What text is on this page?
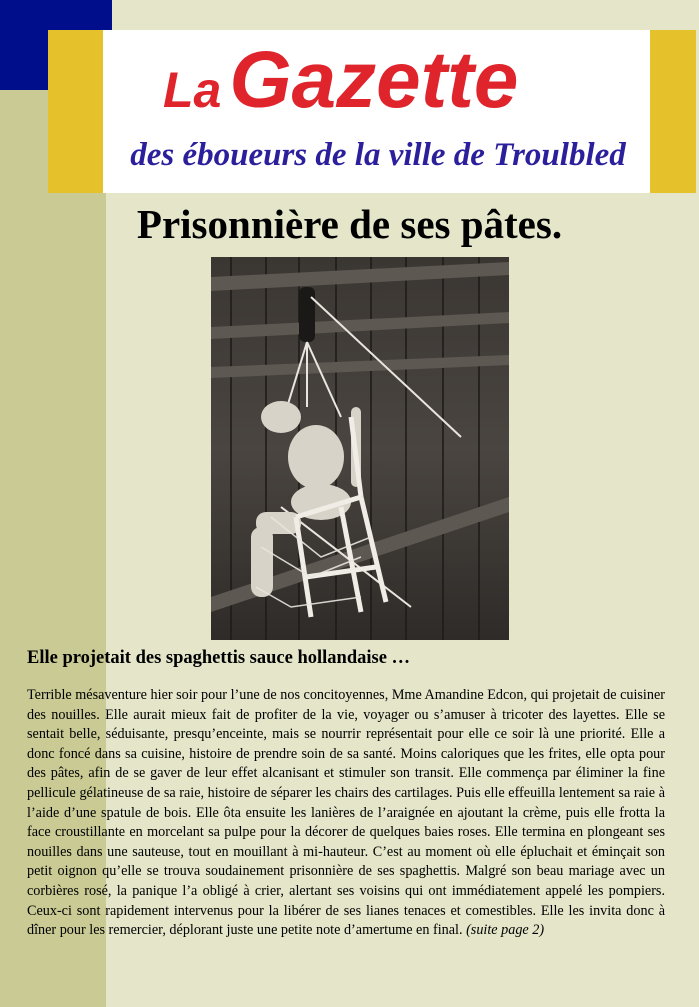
La Gazette
des éboueurs de la ville de Troulbled
Prisonnière de ses pâtes.
Elle projetait des spaghettis sauce hollandaise …

Terrible mésaventure hier soir pour l’une de nos concitoyennes, Mme Amandine Edcon, qui projetait de cuisiner des nouilles. Elle aurait mieux fait de profiter de la vie, voyager ou s’amuser à tricoter des layettes. Elle se sentait belle, séduisante, presqu’enceinte, mais se nourrir représentait pour elle ce soir là une priorité. Elle a donc foncé dans sa cuisine, histoire de prendre soin de sa santé. Moins caloriques que les frites, elle opta pour des pâtes, afin de se gaver de leur effet alcanisant et stimuler son transit. Elle commença par éliminer la fine pellicule gélatineuse de sa raie, histoire de séparer les chairs des cartilages. Puis elle effeuilla lentement sa raie à l’aide d’une spatule de bois. Elle ôta ensuite les lanières de l’araignée en ajoutant la crème, puis elle frotta la face croustillante en morcelant sa pulpe pour la décorer de quelques baies roses. Elle termina en plongeant ses nouilles dans une sauteuse, tout en mouillant à mi-hauteur. C’est au moment où elle épluchait et éminçait son petit oignon qu’elle se trouva soudainement prisonnière de ses spaghettis. Malgré son beau mariage avec un corbières rosé, la panique l’a obligé à crier, alertant ses voisins qui ont immédiatement appelé les pompiers. Ceux-ci sont rapidement intervenus pour la libérer de ses lianes tenaces et comestibles. Elle les invita donc à dîner pour les remercier, déplorant juste une petite note d’amertume en final. (suite page 2)
